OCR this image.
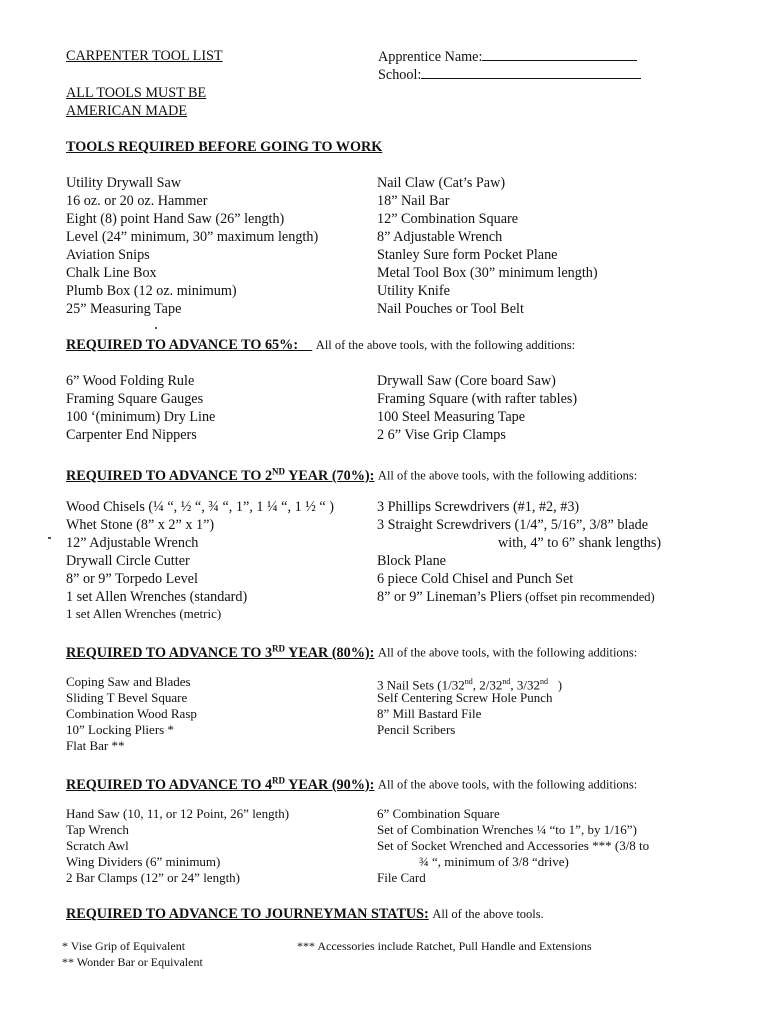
CARPENTER TOOL LIST	Apprentice Name:
School:
ALL TOOLS MUST BE
AMERICAN MADE
TOOLS REQUIRED BEFORE GOING TO WORK
Utility Drywall Saw
16 oz. or 20 oz. Hammer
Eight (8) point Hand Saw (26” length)
Level (24” minimum, 30” maximum length)
Aviation Snips
Chalk Line Box
Plumb Box (12 oz. minimum)
25” Measuring Tape
Nail Claw (Cat’s Paw)
18” Nail Bar
12” Combination Square
8” Adjustable Wrench
Stanley Sure form Pocket Plane
Metal Tool Box (30” minimum length)
Utility Knife
Nail Pouches or Tool Belt
REQUIRED TO ADVANCE TO 65%:  All of the above tools, with the following additions:
6” Wood Folding Rule
Framing Square Gauges
100 ‘(minimum) Dry Line
Carpenter End Nippers
Drywall Saw (Core board Saw)
Framing Square (with rafter tables)
100 Steel Measuring Tape
2 6” Vise Grip Clamps
REQUIRED TO ADVANCE TO 2ND YEAR (70%): All of the above tools, with the following additions:
Wood Chisels (¼ “, ½ “, ¾ “, 1”, 1 ¼ “, 1 ½ “ )
Whet Stone (8” x 2” x 1”)
12” Adjustable Wrench
Drywall Circle Cutter
8” or 9” Torpedo Level
1 set Allen Wrenches (standard)
1 set Allen Wrenches (metric)
3 Phillips Screwdrivers (#1, #2, #3)
3 Straight Screwdrivers (1/4”, 5/16”, 3/8” blade
with, 4” to 6” shank lengths)
Block Plane
6 piece Cold Chisel and Punch Set
8” or 9” Lineman’s Pliers (offset pin recommended)
REQUIRED TO ADVANCE TO 3RD YEAR (80%): All of the above tools, with the following additions:
Coping Saw and Blades
Sliding T Bevel Square
Combination Wood Rasp
10” Locking Pliers *
Flat Bar **
3 Nail Sets (1/32nd, 2/32nd, 3/32nd   )
Self Centering Screw Hole Punch
8” Mill Bastard File
Pencil Scribers
REQUIRED TO ADVANCE TO 4RD YEAR (90%): All of the above tools, with the following additions:
Hand Saw (10, 11, or 12 Point, 26” length)
Tap Wrench
Scratch Awl
Wing Dividers (6” minimum)
2 Bar Clamps (12” or 24” length)
6” Combination Square
Set of Combination Wrenches ¼ “to 1”, by 1/16”)
Set of Socket Wrenched and Accessories *** (3/8 to
¾ “, minimum of 3/8 “drive)
File Card
REQUIRED TO ADVANCE TO JOURNEYMAN STATUS: All of the above tools.
* Vise Grip of Equivalent
** Wonder Bar or Equivalent
*** Accessories include Ratchet, Pull Handle and Extensions
